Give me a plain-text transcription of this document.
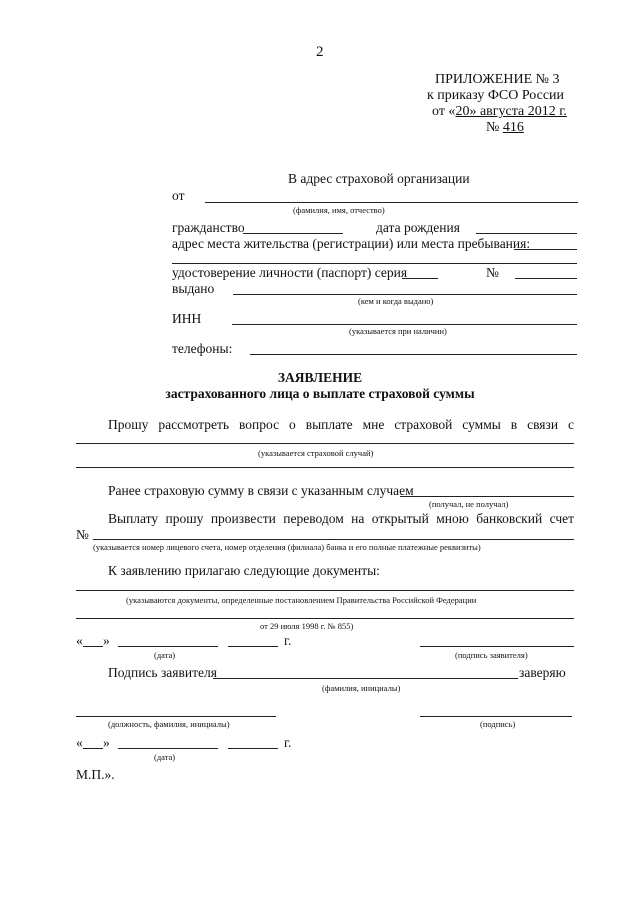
2
ПРИЛОЖЕНИЕ № 3
к приказу ФСО России
от «20» августа 2012 г.
№ 416
В адрес страховой организации
от
(фамилия, имя, отчество)
гражданство	дата рождения
адрес места жительства (регистрации) или места пребывания:
удостоверение личности (паспорт) серия	№
выдано
(кем и когда выдано)
ИНН
(указывается при наличии)
телефоны:
ЗАЯВЛЕНИЕ
застрахованного лица о выплате страховой суммы
Прошу рассмотреть вопрос о выплате мне страховой суммы в связи с
(указывается страховой случай)
Ранее страховую сумму в связи с указанным случаем
(получал, не получал)
Выплату прошу произвести переводом на открытый мною банковский счет
№
(указывается номер лицевого счета, номер отделения (филиала) банка и его полные платежные реквизиты)
К заявлению прилагаю следующие документы:
(указываются документы, определенные постановлением Правительства Российской Федерации
от 29 июля 1998 г. № 855)
« »	г.
(дата)	(подпись заявителя)
Подпись заявителя	заверяю
(фамилия, инициалы)
(должность, фамилия, инициалы)	(подпись)
« »	г.
(дата)
М.П.».
